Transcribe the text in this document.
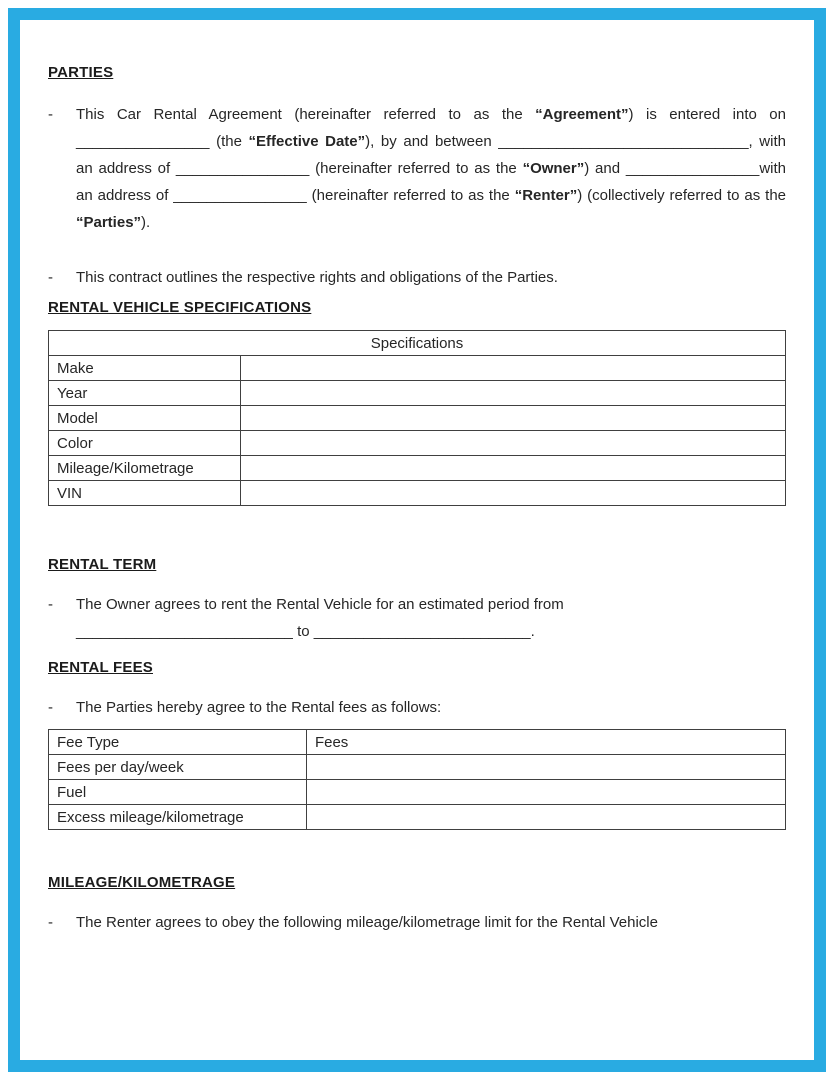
PARTIES
-	This Car Rental Agreement (hereinafter referred to as the “Agreement”) is entered into on ________________ (the “Effective Date”), by and between ______________________________, with an address of ________________ (hereinafter referred to as the “Owner”) and ________________with an address of ________________ (hereinafter referred to as the “Renter”) (collectively referred to as the “Parties”).

-	This contract outlines the respective rights and obligations of the Parties.

RENTAL VEHICLE SPECIFICATIONS
Specifications	
Make	
Year	
Model	
Color	
Mileage/Kilometrage	
VIN	
RENTAL TERM
-	The Owner agrees to rent the Rental Vehicle for an estimated period from
__________________________ to __________________________.

RENTAL FEES
-	The Parties hereby agree to the Rental fees as follows:

Fee Type	Fees
Fees per day/week	
Fuel	
Excess mileage/kilometrage	
MILEAGE/KILOMETRAGE
-	The Renter agrees to obey the following mileage/kilometrage limit for the Rental Vehicle
